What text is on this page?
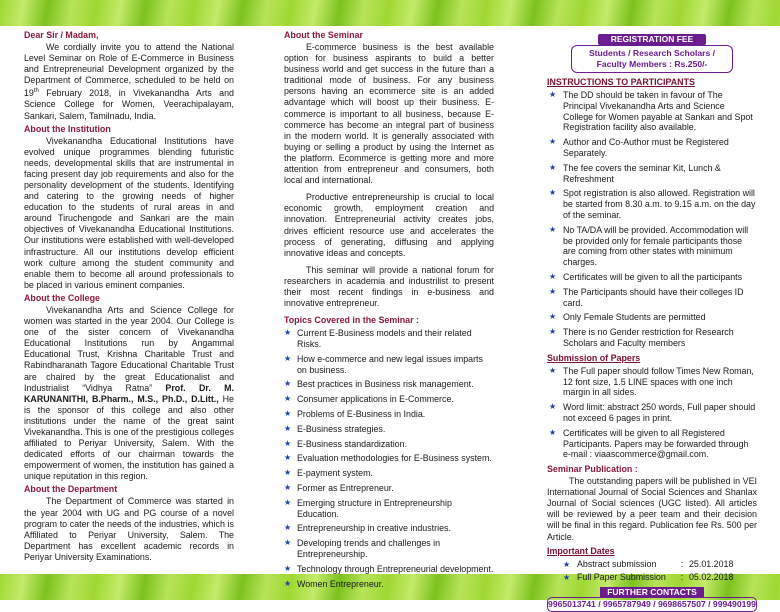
Dear Sir / Madam,

We cordially invite you to attend the National Level Seminar on Role of E-Commerce in Business and Entrepreneurial Development organized by the Department of Commerce, scheduled to be held on 19th February 2018, in Vivekanandha Arts and Science College for Women, Veerachipalayam, Sankari, Salem, Tamilnadu, India.

About the Institution

Vivekanandha Educational Institutions have evolved unique programmes blending futuristic needs, developmental skills that are instrumental in facing present day job requirements and also for the personality development of the students. Identifying and catering to the growing needs of higher education to the students of rural areas in and around Tiruchengode and Sankari are the main objectives of Vivekanandha Educational Institutions. Our institutions were established with well-developed infrastructure. All our institutions develop efficient work culture among the student community and enable them to become all around professionals to be placed in various eminent companies.

About the College

Vivekanandha Arts and Science College for women was started in the year 2004. Our College is one of the sister concern of Vivekanandha Educational Institutions run by Angammal Educational Trust, Krishna Charitable Trust and Rabindharanath Tagore Educational Charitable Trust are chaired by the great Educationalist and Industrialist “Vidhya Ratna” Prof. Dr. M. KARUNANITHI, B.Pharm., M.S., Ph.D., D.Litt., He is the sponsor of this college and also other institutions under the name of the great saint Vivekanandha. This is one of the prestigious colleges affiliated to Periyar University, Salem. With the dedicated efforts of our chairman towards the empowerment of women, the institution has gained a unique reputation in this region.

About the Department

The Department of Commerce was started in the year 2004 with UG and PG course of a novel program to cater the needs of the industries, which is Affiliated to Periyar University, Salem. The Department has excellent academic records in Periyar University Examinations.

About the Seminar

E-commerce business is the best available option for business aspirants to build a better business world and get success in the future than a traditional mode of business. For any business persons having an ecommerce site is an added advantage which will boost up their business. E-commerce is important to all business, because E-commerce has become an integral part of business in the modern world. It is generally associated with buying or selling a product by using the Internet as the platform. Ecommerce is getting more and more attention from entrepreneur and consumers, both local and international.

Productive entrepreneurship is crucial to local economic growth, employment creation and innovation. Entrepreneurial activity creates jobs, drives efficient resource use and accelerates the process of generating, diffusing and applying innovative ideas and concepts.

This seminar will provide a national forum for researchers in academia and industrilist to present their most recent findings in e-business and innovative entrepreneur.

Topics Covered in the Seminar :
★ Current E-Business models and their related Risks.
★ How e-commerce and new legal issues imparts on business.
★ Best practices in Business risk management.
★ Consumer applications in E-Commerce.
★ Problems of E-Business in India.
★ E-Business strategies.
★ E-Business standardization.
★ Evaluation methodologies for E-Business system.
★ E-payment system.
★ Former as Entrepreneur.
★ Emerging structure in Entrepreneurship Education.
★ Entrepreneurship in creative industries.
★ Developing trends and challenges in Entrepreneurship.
★ Technology through Entrepreneurial development.
★ Women Entrepreneur.
REGISTRATION FEE
Students / Research Scholars /
Faculty Members : Rs.250/-
INSTRUCTIONS TO PARTICIPANTS
★ The DD should be taken in favour of The Principal Vivekanandha Arts and Science College for Women payable at Sankari and Spot Registration facility also available.
★ Author and Co-Author must be Registered Separately.
★ The fee covers the seminar Kit, Lunch & Refreshment
★ Spot registration is also allowed. Registration will be started from 8.30 a.m. to 9.15 a.m. on the day of the seminar.
★ No TA/DA will be provided. Accommodation will be provided only for female participants those are coming from other states with minimum charges.
★ Certificates will be given to all the participants
★ The Participants should have their colleges ID card.
★ Only Female Students are permitted
★ There is no Gender restriction for Research Scholars and Faculty members
Submission of Papers
★ The Full paper should follow Times New Roman, 12 font size, 1.5 LINE spaces with one inch margin in all sides.
★ Word limit: abstract 250 words, Full paper should not exceed 6 pages in print.
★ Certificates will be given to all Registered Participants. Papers may be forwarded through
e-mail : viaascommerce@gmail.com.
Seminar Publication :

The outstanding papers will be published in VEI International Journal of Social Sciences and Shanlax Journal of Social sciences (UGC listed). All articles will be reviewed by a peer team and their decision will be final in this regard. Publication fee Rs. 500 per Article.

Important Dates
★ Abstract submission	: 25.01.2018
★ Full Paper Submission : 05.02.2018
FURTHER CONTACTS
9965013741 / 9965787949 / 9698657507 / 999490199
